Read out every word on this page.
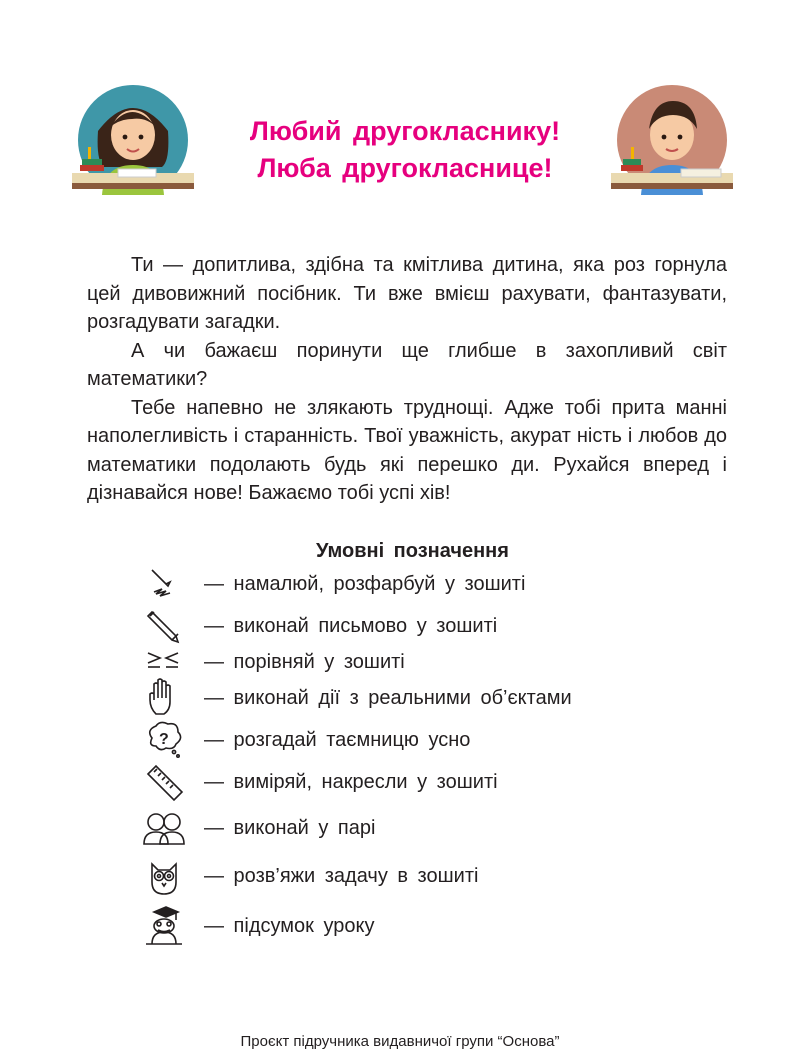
Любий другокласнику!
Люба другокласнице!

Ти — допитлива, здібна та кмітлива дитина, яка роз горнула цей дивовижний посібник. Ти вже вмієш рахувати, фантазувати, розгадувати загадки.

А чи бажаєш поринути ще глибше в захопливий світ математики?

Тебе напевно не злякають труднощі. Адже тобі прита манні наполегливість і старанність. Твої уважність, акурат ність і любов до математики подолають будь які перешко ди. Рухайся вперед і дізнавайся нове! Бажаємо тобі успі хів!

Умовні позначення
— намалюй, розфарбуй у зошиті
— виконай письмово у зошиті
— порівняй у зошиті
— виконай дії з реальними об’єктами
? — розгадай таємницю усно
— виміряй, накресли у зошиті
— виконай у парі
— розв’яжи задачу в зошиті
— підсумок уроку
Проєкт підручника видавничої групи “Основа”
